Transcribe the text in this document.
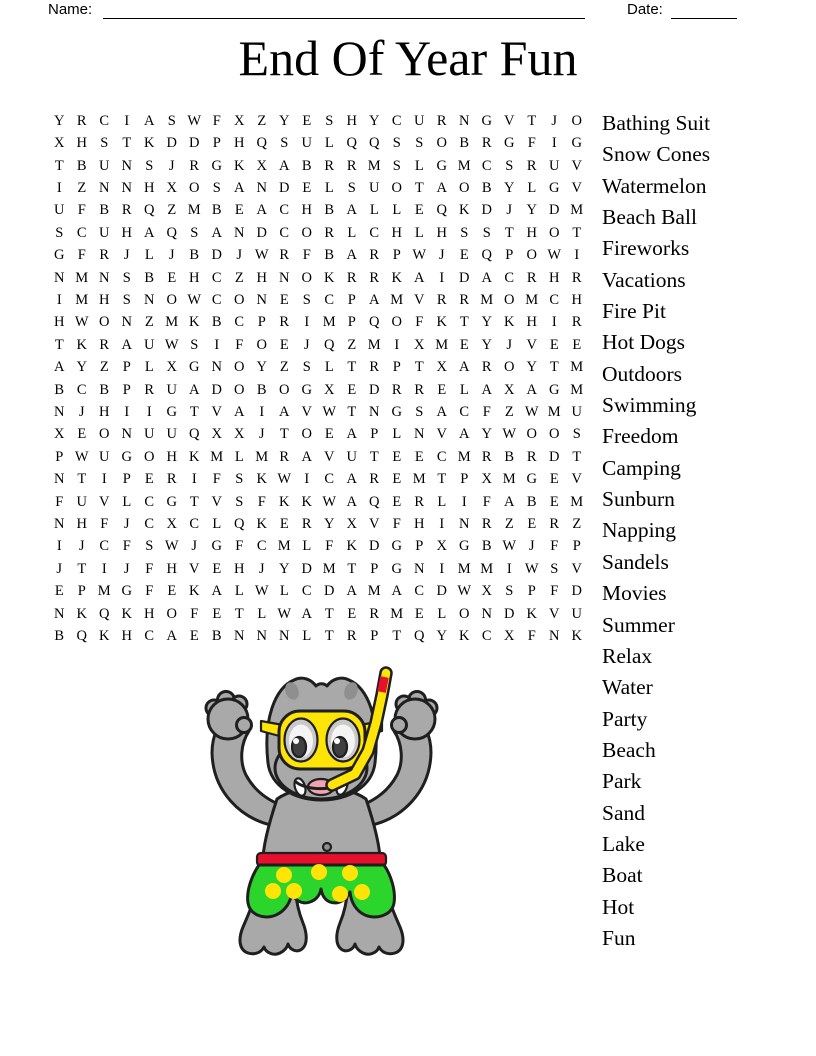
Name:	Date:
End Of Year Fun
Y R C	I	A S W F X Z Y E S H Y C U R N G V T	J O
X H S T K D D P H Q S U L Q Q S S O B R G F	I	G
T B U N S	J	R G K X A B R R M S L G M C S R U V
I	Z N N H X O S A N D E L S U O T A O B Y L G V
U F B R Q Z M B E A C H B A L L E Q K D J Y D M
S C U H A Q S A N D C O R L C H L H S S T H O T
G F R	J	L	J	B D J W R F B A R P W J	E Q P O W I
N M N S B E H C Z H N O K R R K A	I	D A C R H R
I M H S N O W C O N E S C P A M V R R M O M C H
H W O N Z M K B C P R	I M P Q O F K T Y K H	I	R
T K R A U W S	I	F O E	J Q Z M I	X M E Y J V E E
A Y Z P L X G N O Y Z S L T R P T X A R O Y T M
B C B P R U A D O B O G X E D R R E L A X A G M
N J H	I	I	G T V A	I	A V W T N G S A C F Z W M U
X E O N U U Q X X J	T O E A P L N V A Y W O O S
P W U G O H K M L M R A V U T E E C M R B R D T
N T	I	P E R	I	F S K W I	C A R E M T P X M G E V
F U V L C G T V S F K K W A Q E R L	I	F A B E M
N H F	J	C X C L Q K E R Y X V F H	I	N R Z E R Z
I	J	C F S W J G F C M L F K D G P X G B W J	F P
J	T	I	J	F H V E H J Y D M T P G N	I M M I W S V
E P M G F E K A L W L C D A M A C D W X S P F D
N K Q K H O F E T L W A T E R M E L O N D K V U
B Q K H C A E B N N N L T R P T Q Y K C X F N K
Bathing Suit
Snow Cones
Watermelon
Beach Ball
Fireworks
Vacations
Fire Pit
Hot Dogs
Outdoors
Swimming
Freedom
Camping
Sunburn
Napping
Sandels
Movies
Summer
Relax
Water
Party
Beach
Park
Sand
Lake
Boat
Hot
Fun
